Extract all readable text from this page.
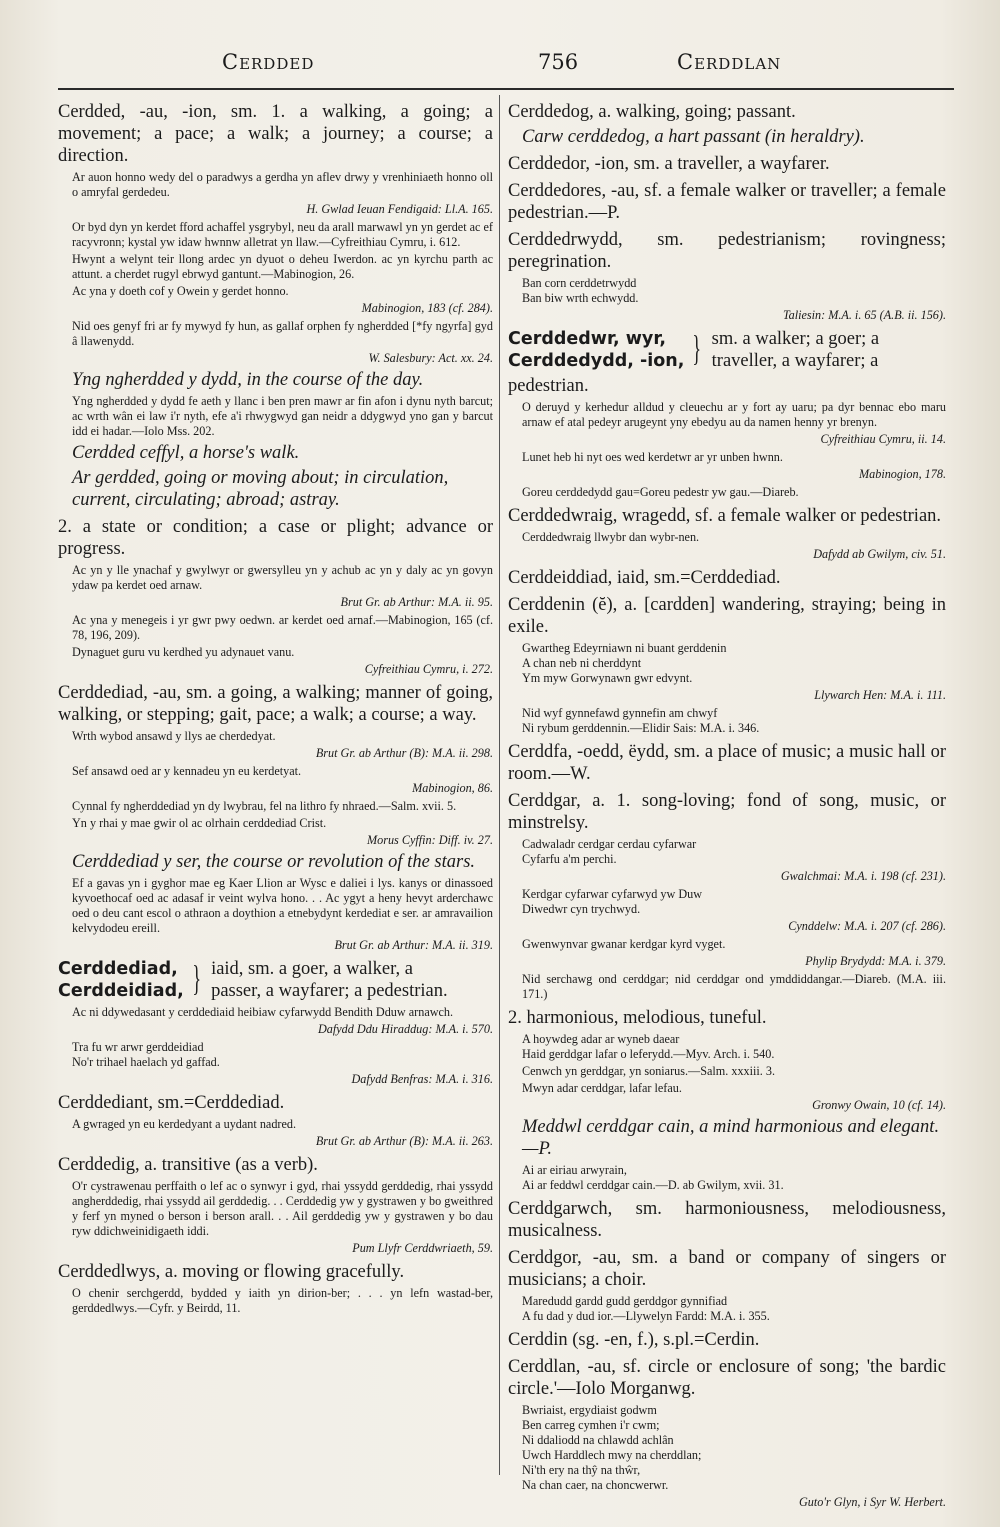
Cerdded	756	Cerddlan
Cerdded, -au, -ion, sm. 1. a walking, a going; a movement; a pace; a walk; a journey; a course; a direction.
Ar auon honno wedy del o paradwys a gerdha yn aflev drwy y vrenhiniaeth honno oll o amryfal gerdedeu.
H. Gwlad Ieuan Fendigaid: Ll.A. 165.
Or byd dyn yn kerdet fford achaffel ysgrybyl, neu da arall marwawl yn yn gerdet ac ef racyvronn; kystal yw idaw hwnnw alletrat yn llaw.—Cyfreithiau Cymru, i. 612.
Hwynt a welynt teir llong ardec yn dyuot o deheu Iwerdon. ac yn kyrchu parth ac attunt. a cherdet rugyl ebrwyd gantunt.—Mabinogion, 26.
Ac yna y doeth cof y Owein y gerdet honno.
Mabinogion, 183 (cf. 284).
Nid oes genyf fri ar fy mywyd fy hun, as gallaf orphen fy ngherdded [*fy ngyrfa] gyd â llawenydd.
W. Salesbury: Act. xx. 24.
Yng ngherdded y dydd, in the course of the day.
Yng ngherdded y dydd fe aeth y llanc i ben pren mawr ar fin afon i dynu nyth barcut; ac wrth wân ei law i'r nyth, efe a'i rhwygwyd gan neidr a ddygwyd yno gan y barcut idd ei hadar.—Iolo Mss. 202.
Cerdded ceffyl, a horse's walk.
Ar gerdded, going or moving about; in circulation, current, circulating; abroad; astray.
2. a state or condition; a case or plight; advance or progress.
Ac yn y lle ynachaf y gwylwyr or gwersylleu yn y achub ac yn y daly ac yn govyn ydaw pa kerdet oed arnaw.
Brut Gr. ab Arthur: M.A. ii. 95.
Ac yna y menegeis i yr gwr pwy oedwn. ar kerdet oed arnaf.—Mabinogion, 165 (cf. 78, 196, 209).
Dynaguet guru vu kerdhed yu adynauet vanu.
Cyfreithiau Cymru, i. 272.
Cerddediad, -au, sm. a going, a walking; manner of going, walking, or stepping; gait, pace; a walk; a course; a way.
Wrth wybod ansawd y llys ae cherdedyat.
Brut Gr. ab Arthur (B): M.A. ii. 298.
Sef ansawd oed ar y kennadeu yn eu kerdetyat.
Mabinogion, 86.
Cynnal fy ngherddediad yn dy lwybrau, fel na lithro fy nhraed.—Salm. xvii. 5.
Yn y rhai y mae gwir ol ac olrhain cerddediad Crist.
Morus Cyffin: Diff. iv. 27.
Cerddediad y ser, the course or revolution of the stars.
Ef a gavas yn i gyghor mae eg Kaer Llion ar Wysc e daliei i lys. kanys or dinassoed kyvoethocaf oed ac adasaf ir veint wylva hono. . . Ac ygyt a heny hevyt arderchawc oed o deu cant escol o athraon a doythion a etnebydynt kerdediat e ser. ar amravailion kelvydodeu ereill.
Brut Gr. ab Arthur: M.A. ii. 319.
Cerddediad,
Cerddeidiad, } iaid, sm. a goer, a walker, a
passer, a wayfarer; a pedestrian.
Ac ni ddywedasant y cerddediaid heibiaw cyfarwydd Bendith Dduw arnawch.
Dafydd Ddu Hiraddug: M.A. i. 570.
Tra fu wr arwr gerddeidiad
No'r trihael haelach yd gaffad.
Dafydd Benfras: M.A. i. 316.
Cerddediant, sm.=Cerddediad.
A gwraged yn eu kerdedyant a uydant nadred.
Brut Gr. ab Arthur (B): M.A. ii. 263.
Cerddedig, a. transitive (as a verb).
O'r cystrawenau perffaith o lef ac o synwyr i gyd, rhai yssydd gerddedig, rhai yssydd angherddedig, rhai yssydd ail gerddedig. . . Cerddedig yw y gystrawen y bo gweithred y ferf yn myned o berson i berson arall. . . Ail gerddedig yw y gystrawen y bo dau ryw ddichweinidigaeth iddi.
Pum Llyfr Cerddwriaeth, 59.
Cerddedlwys, a. moving or flowing gracefully.
O chenir serchgerdd, bydded y iaith yn dirion-ber; . . . yn lefn wastad-ber, gerddedlwys.—Cyfr. y Beirdd, 11.
Cerddedog, a. walking, going; passant.
Carw cerddedog, a hart passant (in heraldry).
Cerddedor, -ion, sm. a traveller, a wayfarer.
Cerddedores, -au, sf. a female walker or traveller; a female pedestrian.—P.
Cerddedrwydd, sm. pedestrianism; rovingness; peregrination.
Ban corn cerddetrwydd
Ban biw wrth echwydd.
Taliesin: M.A. i. 65 (A.B. ii. 156).
Cerddedwr, wyr,
Cerddedydd, -ion, } sm. a walker; a goer; a
traveller, a wayfarer; a
pedestrian.
O deruyd y kerhedur alldud y cleuechu ar y fort ay uaru; pa dyr bennac ebo maru arnaw ef atal pedeyr arugeynt yny ebedyu au da namen henny yr brenyn.
Cyfreithiau Cymru, ii. 14.
Lunet heb hi nyt oes wed kerdetwr ar yr unben hwnn.
Mabinogion, 178.
Goreu cerddedydd gau=Goreu pedestr yw gau.—Diareb.
Cerddedwraig, wragedd, sf. a female walker or pedestrian.
Cerddedwraig llwybr dan wybr-nen.
Dafydd ab Gwilym, civ. 51.
Cerddeiddiad, iaid, sm.=Cerddediad.
Cerddenin (ĕ), a. [cardden] wandering, straying; being in exile.
Gwartheg Edeyrniawn ni buant gerddenin
A chan neb ni cherddynt
Ym myw Gorwynawn gwr edvynt.
Llywarch Hen: M.A. i. 111.
Nid wyf gynnefawd gynnefin am chwyf
Ni rybum gerddennin.—Elidir Sais: M.A. i. 346.
Cerddfa, -oedd, ëydd, sm. a place of music; a music hall or room.—W.
Cerddgar, a. 1. song-loving; fond of song, music, or minstrelsy.
Cadwaladr cerdgar cerdau cyfarwar
Cyfarfu a'm perchi.
Gwalchmai: M.A. i. 198 (cf. 231).
Kerdgar cyfarwar cyfarwyd yw Duw
Diwedwr cyn trychwyd.
Cynddelw: M.A. i. 207 (cf. 286).
Gwenwynvar gwanar kerdgar kyrd vyget.
Phylip Brydydd: M.A. i. 379.
Nid serchawg ond cerddgar; nid cerddgar ond ymddiddangar.—Diareb. (M.A. iii. 171.)
2. harmonious, melodious, tuneful.
A hoywdeg adar ar wyneb daear
Haid gerddgar lafar o leferydd.—Myv. Arch. i. 540.
Cenwch yn gerddgar, yn soniarus.—Salm. xxxiii. 3.
Mwyn adar cerddgar, lafar lefau.
Gronwy Owain, 10 (cf. 14).
Meddwl cerddgar cain, a mind harmonious and elegant.—P.
Ai ar eiriau arwyrain,
Ai ar feddwl cerddgar cain.—D. ab Gwilym, xvii. 31.
Cerddgarwch, sm. harmoniousness, melodiousness, musicalness.
Cerddgor, -au, sm. a band or company of singers or musicians; a choir.
Maredudd gardd gudd gerddgor gynnifiad
A fu dad y dud ior.—Llywelyn Fardd: M.A. i. 355.
Cerddin (sg. -en, f.), s.pl.=Cerdin.
Cerddlan, -au, sf. circle or enclosure of song; 'the bardic circle.'—Iolo Morganwg.
Bwriaist, ergydiaist godwm
Ben carreg cymhen i'r cwm;
Ni ddaliodd na chlawdd achlân
Uwch Harddlech mwy na cherddlan;
Ni'th ery na thŷ na thŵr,
Na chan caer, na choncwerwr.
Guto'r Glyn, i Syr W. Herbert.
